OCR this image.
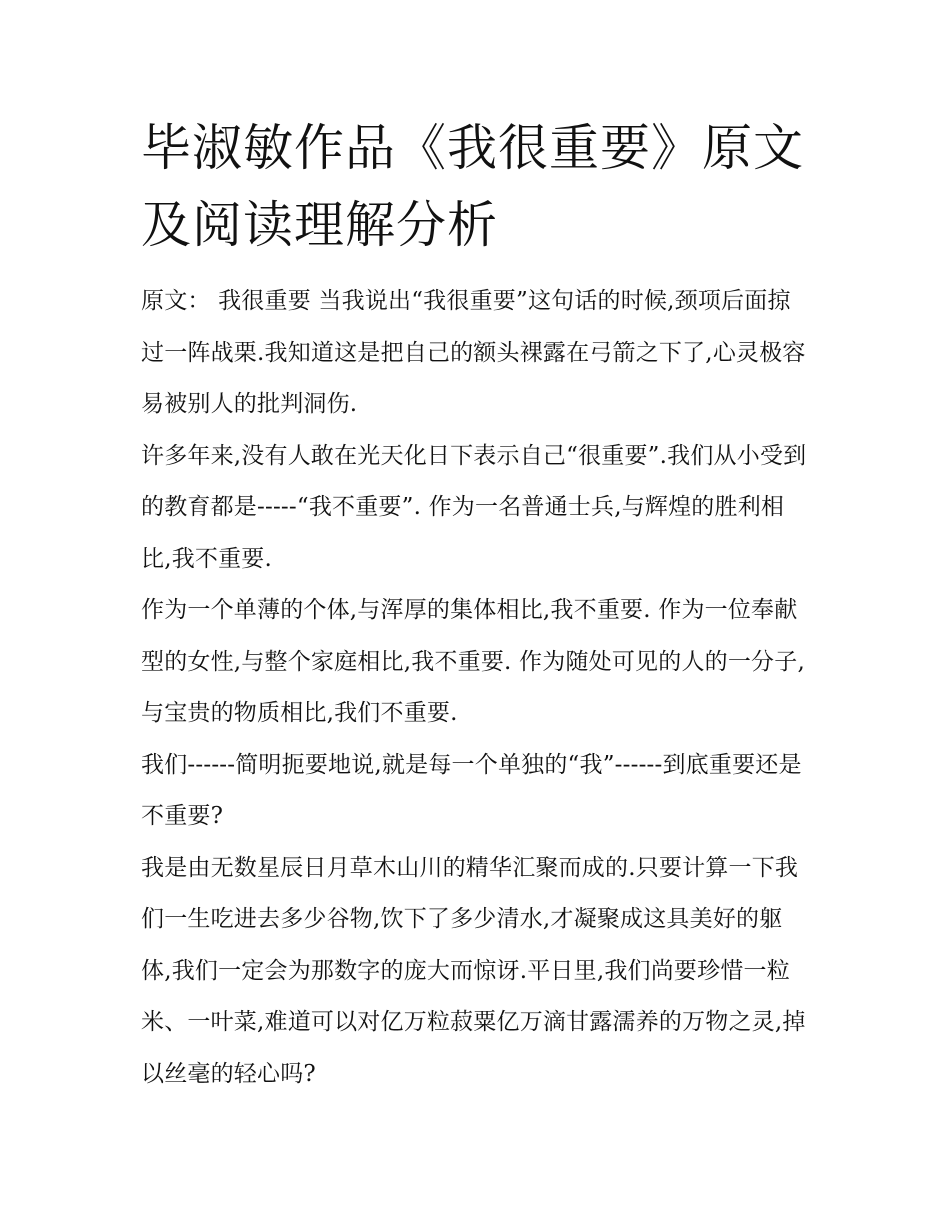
毕淑敏作品《我很重要》原文及阅读理解分析

原文： 我很重要 当我说出“我很重要”这句话的时候,颈项后面掠过一阵战栗.我知道这是把自己的额头裸露在弓箭之下了,心灵极容易被别人的批判洞伤.

许多年来,没有人敢在光天化日下表示自己“很重要”.我们从小受到的教育都是-----“我不重要”. 作为一名普通士兵,与辉煌的胜利相比,我不重要.

作为一个单薄的个体,与浑厚的集体相比,我不重要. 作为一位奉献型的女性,与整个家庭相比,我不重要. 作为随处可见的人的一分子,与宝贵的物质相比,我们不重要.

我们------简明扼要地说,就是每一个单独的“我”------到底重要还是不重要?

我是由无数星辰日月草木山川的精华汇聚而成的.只要计算一下我们一生吃进去多少谷物,饮下了多少清水,才凝聚成这具美好的躯体,我们一定会为那数字的庞大而惊讶.平日里,我们尚要珍惜一粒米、一叶菜,难道可以对亿万粒菽粟亿万滴甘露濡养的万物之灵,掉以丝毫的轻心吗?
